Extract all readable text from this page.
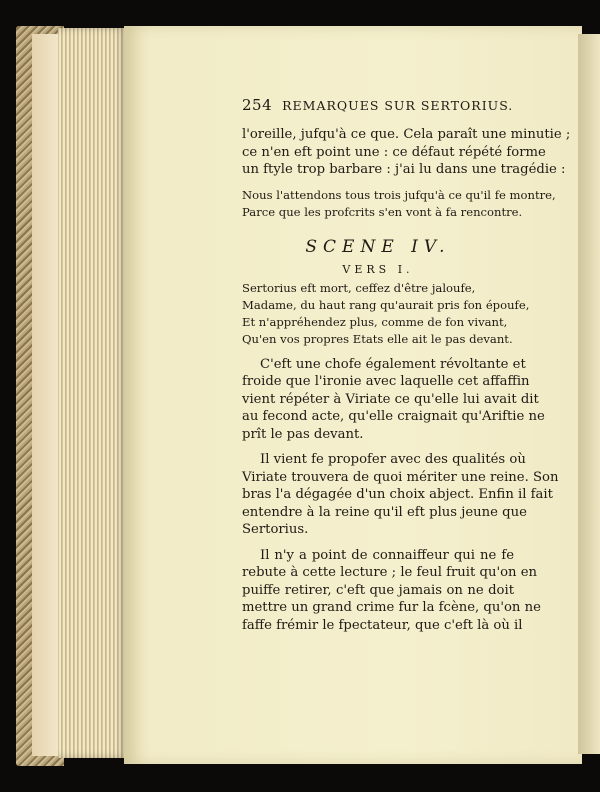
254 REMARQUES SUR SERTORIUS.
l'oreille, jufqu'à ce que. Cela paraît une minutie ;
ce n'en eft point une : ce défaut répété forme
un ftyle trop barbare : j'ai lu dans une tragédie :

Nous l'attendons tous trois jufqu'à ce qu'il fe montre,

Parce que les profcrits s'en vont à fa rencontre.

SCENE IV.
VERS I.

Sertorius eft mort, ceffez d'être jaloufe,

Madame, du haut rang qu'aurait pris fon époufe,

Et n'appréhendez plus, comme de fon vivant,

Qu'en vos propres Etats elle ait le pas devant.

C'eft une chofe également révoltante et
froide que l'ironie avec laquelle cet affaffin
vient répéter à Viriate ce qu'elle lui avait dit
au fecond acte, qu'elle craignait qu'Ariftie ne
prît le pas devant.
Il vient fe propofer avec des qualités où
Viriate trouvera de quoi mériter une reine. Son
bras l'a dégagée d'un choix abject. Enfin il fait
entendre à la reine qu'il eft plus jeune que
Sertorius.
Il n'y a point de connaiffeur qui ne fe
rebute à cette lecture ; le feul fruit qu'on en
puiffe retirer, c'eft que jamais on ne doit
mettre un grand crime fur la fcène, qu'on ne
faffe frémir le fpectateur, que c'eft là où il
